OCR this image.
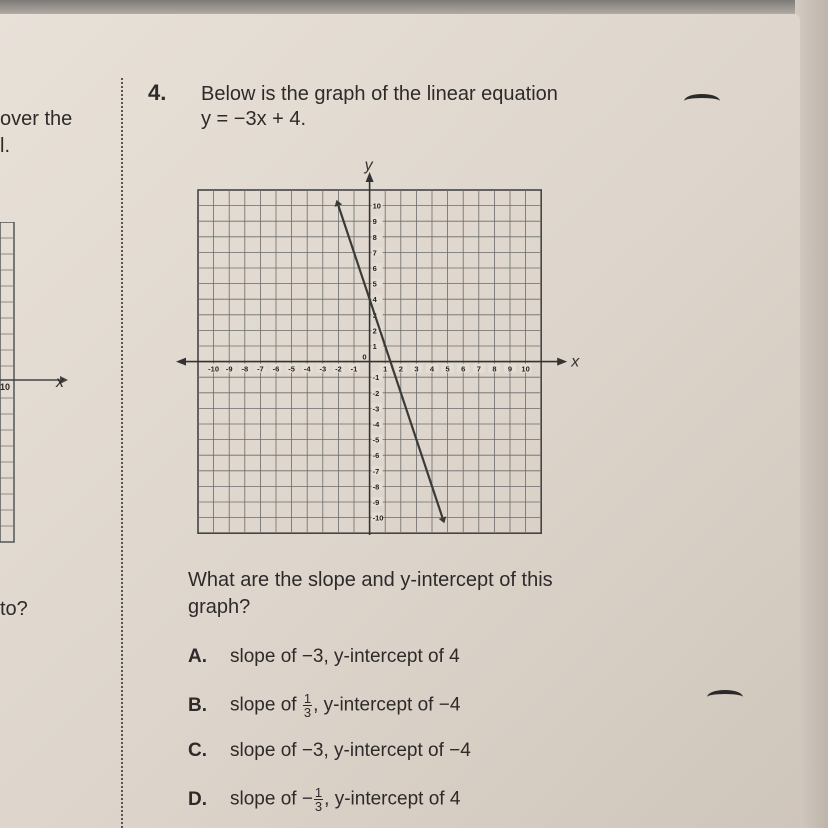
over the
l.
to?
10	x
4. Below is the graph of the linear equation
y = −3x + 4.
x
y
-10 -9 -8 -7 -6 -5 -4 -3 -2 -1	1 2 3 4 5 6 7 8 9 10
0
10
9
8
7
6
5
4
3
2
1
-1
-2
-3
-4
-5
-6
-7
-8
-9
-10
What are the slope and y-intercept of this
graph?
A.	slope of −3, y-intercept of 4
B.	slope of $\frac{1}{3}$ , y-intercept of −4
C.	slope of −3, y-intercept of −4
D.	slope of − $\frac{1}{3}$ , y-intercept of 4
